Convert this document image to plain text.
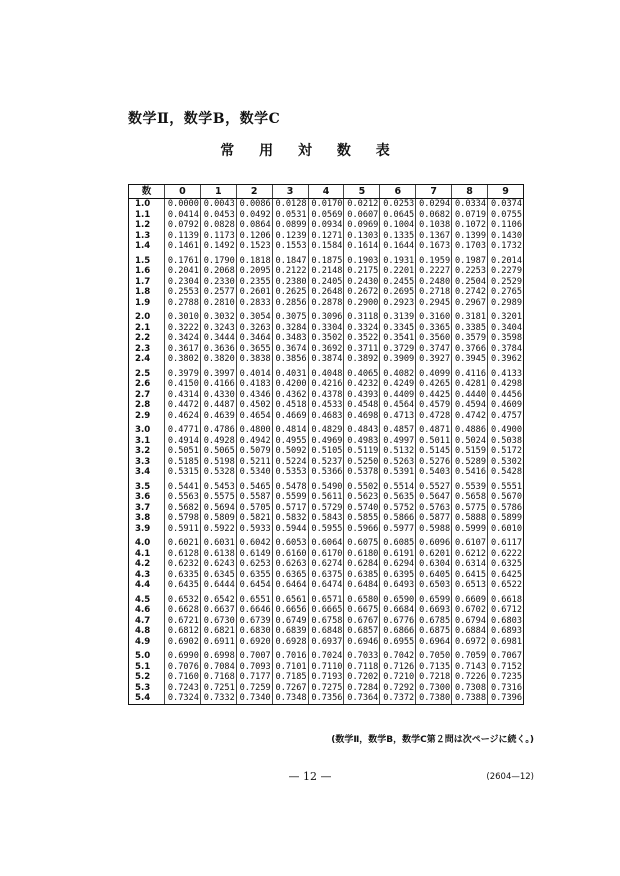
数学Ⅱ，数学B，数学C
常 用 対 数 表
数	0	1	2	3	4	5	6	7	8	9
1.0	0.0000	0.0043	0.0086	0.0128	0.0170	0.0212	0.0253	0.0294	0.0334	0.0374
1.1	0.0414	0.0453	0.0492	0.0531	0.0569	0.0607	0.0645	0.0682	0.0719	0.0755
1.2	0.0792	0.0828	0.0864	0.0899	0.0934	0.0969	0.1004	0.1038	0.1072	0.1106
1.3	0.1139	0.1173	0.1206	0.1239	0.1271	0.1303	0.1335	0.1367	0.1399	0.1430
1.4	0.1461	0.1492	0.1523	0.1553	0.1584	0.1614	0.1644	0.1673	0.1703	0.1732
1.5	0.1761	0.1790	0.1818	0.1847	0.1875	0.1903	0.1931	0.1959	0.1987	0.2014
1.6	0.2041	0.2068	0.2095	0.2122	0.2148	0.2175	0.2201	0.2227	0.2253	0.2279
1.7	0.2304	0.2330	0.2355	0.2380	0.2405	0.2430	0.2455	0.2480	0.2504	0.2529
1.8	0.2553	0.2577	0.2601	0.2625	0.2648	0.2672	0.2695	0.2718	0.2742	0.2765
1.9	0.2788	0.2810	0.2833	0.2856	0.2878	0.2900	0.2923	0.2945	0.2967	0.2989
2.0	0.3010	0.3032	0.3054	0.3075	0.3096	0.3118	0.3139	0.3160	0.3181	0.3201
2.1	0.3222	0.3243	0.3263	0.3284	0.3304	0.3324	0.3345	0.3365	0.3385	0.3404
2.2	0.3424	0.3444	0.3464	0.3483	0.3502	0.3522	0.3541	0.3560	0.3579	0.3598
2.3	0.3617	0.3636	0.3655	0.3674	0.3692	0.3711	0.3729	0.3747	0.3766	0.3784
2.4	0.3802	0.3820	0.3838	0.3856	0.3874	0.3892	0.3909	0.3927	0.3945	0.3962
2.5	0.3979	0.3997	0.4014	0.4031	0.4048	0.4065	0.4082	0.4099	0.4116	0.4133
2.6	0.4150	0.4166	0.4183	0.4200	0.4216	0.4232	0.4249	0.4265	0.4281	0.4298
2.7	0.4314	0.4330	0.4346	0.4362	0.4378	0.4393	0.4409	0.4425	0.4440	0.4456
2.8	0.4472	0.4487	0.4502	0.4518	0.4533	0.4548	0.4564	0.4579	0.4594	0.4609
2.9	0.4624	0.4639	0.4654	0.4669	0.4683	0.4698	0.4713	0.4728	0.4742	0.4757
3.0	0.4771	0.4786	0.4800	0.4814	0.4829	0.4843	0.4857	0.4871	0.4886	0.4900
3.1	0.4914	0.4928	0.4942	0.4955	0.4969	0.4983	0.4997	0.5011	0.5024	0.5038
3.2	0.5051	0.5065	0.5079	0.5092	0.5105	0.5119	0.5132	0.5145	0.5159	0.5172
3.3	0.5185	0.5198	0.5211	0.5224	0.5237	0.5250	0.5263	0.5276	0.5289	0.5302
3.4	0.5315	0.5328	0.5340	0.5353	0.5366	0.5378	0.5391	0.5403	0.5416	0.5428
3.5	0.5441	0.5453	0.5465	0.5478	0.5490	0.5502	0.5514	0.5527	0.5539	0.5551
3.6	0.5563	0.5575	0.5587	0.5599	0.5611	0.5623	0.5635	0.5647	0.5658	0.5670
3.7	0.5682	0.5694	0.5705	0.5717	0.5729	0.5740	0.5752	0.5763	0.5775	0.5786
3.8	0.5798	0.5809	0.5821	0.5832	0.5843	0.5855	0.5866	0.5877	0.5888	0.5899
3.9	0.5911	0.5922	0.5933	0.5944	0.5955	0.5966	0.5977	0.5988	0.5999	0.6010
4.0	0.6021	0.6031	0.6042	0.6053	0.6064	0.6075	0.6085	0.6096	0.6107	0.6117
4.1	0.6128	0.6138	0.6149	0.6160	0.6170	0.6180	0.6191	0.6201	0.6212	0.6222
4.2	0.6232	0.6243	0.6253	0.6263	0.6274	0.6284	0.6294	0.6304	0.6314	0.6325
4.3	0.6335	0.6345	0.6355	0.6365	0.6375	0.6385	0.6395	0.6405	0.6415	0.6425
4.4	0.6435	0.6444	0.6454	0.6464	0.6474	0.6484	0.6493	0.6503	0.6513	0.6522
4.5	0.6532	0.6542	0.6551	0.6561	0.6571	0.6580	0.6590	0.6599	0.6609	0.6618
4.6	0.6628	0.6637	0.6646	0.6656	0.6665	0.6675	0.6684	0.6693	0.6702	0.6712
4.7	0.6721	0.6730	0.6739	0.6749	0.6758	0.6767	0.6776	0.6785	0.6794	0.6803
4.8	0.6812	0.6821	0.6830	0.6839	0.6848	0.6857	0.6866	0.6875	0.6884	0.6893
4.9	0.6902	0.6911	0.6920	0.6928	0.6937	0.6946	0.6955	0.6964	0.6972	0.6981
5.0	0.6990	0.6998	0.7007	0.7016	0.7024	0.7033	0.7042	0.7050	0.7059	0.7067
5.1	0.7076	0.7084	0.7093	0.7101	0.7110	0.7118	0.7126	0.7135	0.7143	0.7152
5.2	0.7160	0.7168	0.7177	0.7185	0.7193	0.7202	0.7210	0.7218	0.7226	0.7235
5.3	0.7243	0.7251	0.7259	0.7267	0.7275	0.7284	0.7292	0.7300	0.7308	0.7316
5.4	0.7324	0.7332	0.7340	0.7348	0.7356	0.7364	0.7372	0.7380	0.7388	0.7396
(数学Ⅱ，数学B，数学C第２問は次ページに続く。)
— 12 —	(2604—12)
